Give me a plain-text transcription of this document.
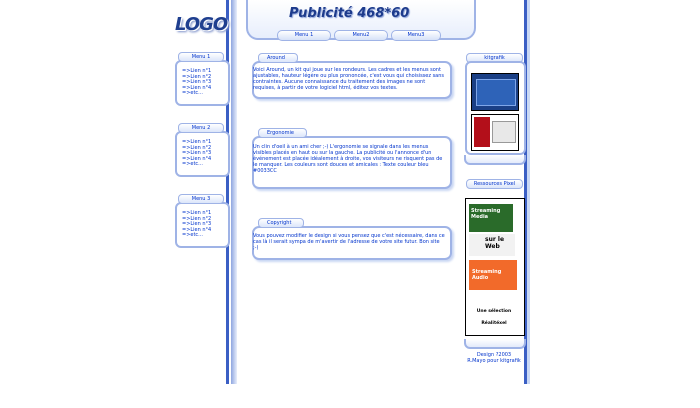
LOGO
Publicité 468*60
Menu 1	Menu2	Menu3
Menu 1
=>Lien n°1
=>Lien n°2
=>Lien n°3
=>Lien n°4
=>etc...
Menu 2
=>Lien n°1
=>Lien n°2
=>Lien n°3
=>Lien n°4
=>etc...
Menu 3
=>Lien n°1
=>Lien n°2
=>Lien n°3
=>Lien n°4
=>etc...
Around

Voici Around, un kit qui joue sur les rondeurs. Les cadres et les menus sont ajustables, hauteur légère ou plus prononcée, c'est vous qui choisissez sans contraintes. Aucune connaissance du traitement des images ne sont requises, à partir de votre logiciel html, éditez vos textes.

Ergonomie

Un clin d'oeil à un ami cher ;-) L'ergonomie se signale dans les menus visibles placés en haut ou sur la gauche. La publicité ou l'annonce d'un événement est placée idéalement à droite, vos visiteurs ne risquent pas de le manquer. Les couleurs sont douces et amicales : Texte couleur bleu #0033CC

Copyright

Vous pouvez modifier le design si vous pensez que c'est nécessaire, dans ce cas là il serait sympa de m'avertir de l'adresse de votre site futur. Bon site ;-)

kitgrafik
Ressources Pixel
Streaming Media
sur le Web
Streaming Audio
Une sélection
Réalitéxel
Design ?2003
R.Mayo pour kitgrafik
